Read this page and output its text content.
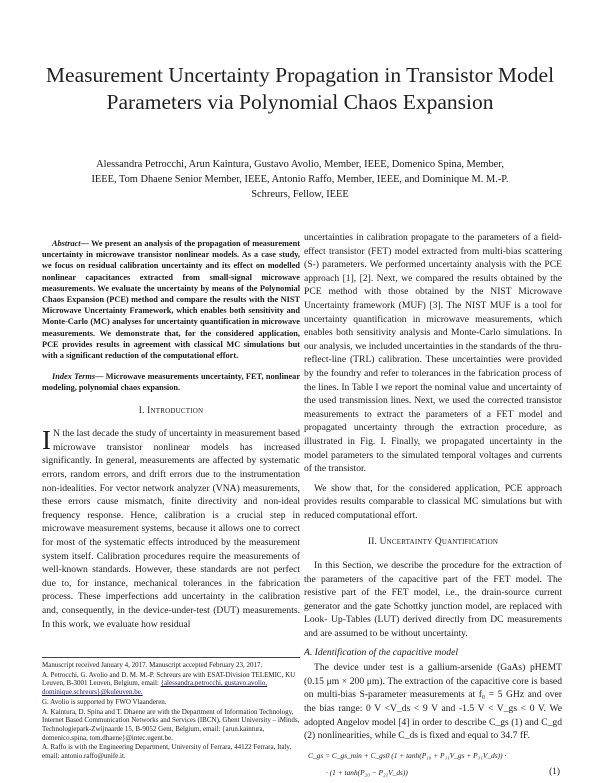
Measurement Uncertainty Propagation in Transistor Model Parameters via Polynomial Chaos Expansion
Alessandra Petrocchi, Arun Kaintura, Gustavo Avolio, Member, IEEE, Domenico Spina, Member,
IEEE, Tom Dhaene Senior Member, IEEE, Antonio Raffo, Member, IEEE, and Dominique M. M.-P.
Schreurs, Fellow, IEEE

Abstract— We present an analysis of the propagation of measurement uncertainty in microwave transistor nonlinear models. As a case study, we focus on residual calibration uncertainty and its effect on modelled nonlinear capacitances extracted from small-signal microwave measurements. We evaluate the uncertainty by means of the Polynomial Chaos Expansion (PCE) method and compare the results with the NIST Microwave Uncertainty Framework, which enables both sensitivity and Monte-Carlo (MC) analyses for uncertainty quantification in microwave measurements. We demonstrate that, for the considered application, PCE provides results in agreement with classical MC simulations but with a significant reduction of the computational effort.

Index Terms— Microwave measurements uncertainty, FET, nonlinear modeling, polynomial chaos expansion.

I. Introduction

I N the last decade the study of uncertainty in measurement based microwave transistor nonlinear models has increased significantly. In general, measurements are affected by systematic errors, random errors, and drift errors due to the instrumentation non-idealities. For vector network analyzer (VNA) measurements, these errors cause mismatch, finite directivity and non-ideal frequency response. Hence, calibration is a crucial step in microwave measurement systems, because it allows one to correct for most of the systematic effects introduced by the measurement system itself. Calibration procedures require the measurements of well-known standards. However, these standards are not perfect due to, for instance, mechanical tolerances in the fabrication process. These imperfections add uncertainty in the calibration and, consequently, in the device-under-test (DUT) measurements. In this work, we evaluate how residual

Manuscript received January 4, 2017. Manuscript accepted February 23, 2017.

A. Petrocchi, G. Avolio and D. M. M.-P. Schreurs are with ESAT-Division TELEMIC, KU Leuven, B-3001 Leuven, Belgium, email: {alessandra.petrocchi, gustavo.avolio, dominique.schreurs}@kuleuven.be.

G. Avolio is supported by FWO Vlaanderen.

A. Kaintura, D. Spina and T. Dhaene are with the Department of Information Technology, Internet Based Communication Networks and Services (IBCN), Ghent University – iMinds, Technologiepark-Zwijnaarde 15, B-9052 Gent, Belgium, email: {arun.kaintura, domenico.spina, tom.dhaene}@intec.ugent.be.

A. Raffo is with the Engineering Department, University of Ferrara, 44122 Ferrara, Italy, email: antonio.raffo@unife.it.

uncertainties in calibration propagate to the parameters of a field-effect transistor (FET) model extracted from multi-bias scattering (S-) parameters. We performed uncertainty analysis with the PCE approach [1], [2]. Next, we compared the results obtained by the PCE method with those obtained by the NIST Microwave Uncertainty framework (MUF) [3]. The NIST MUF is a tool for uncertainty quantification in microwave measurements, which enables both sensitivity analysis and Monte-Carlo simulations. In our analysis, we included uncertainties in the standards of the thru-reflect-line (TRL) calibration. These uncertainties were provided by the foundry and refer to tolerances in the fabrication process of the lines. In Table I we report the nominal value and uncertainty of the used transmission lines. Next, we used the corrected transistor measurements to extract the parameters of a FET model and propagated uncertainty through the extraction procedure, as illustrated in Fig. I. Finally, we propagated uncertainty in the model parameters to the simulated temporal voltages and currents of the transistor.

We show that, for the considered application, PCE approach provides results comparable to classical MC simulations but with reduced computational effort.

II. Uncertainty Quantification

In this Section, we describe the procedure for the extraction of the parameters of the capacitive part of the FET model. The resistive part of the FET model, i.e., the drain-source current generator and the gate Schottky junction model, are replaced with Look- Up-Tables (LUT) derived directly from DC measurements and are assumed to be without uncertainty.

A. Identification of the capacitive model

The device under test is a gallium-arsenide (GaAs) pHEMT (0.15 μm × 200 μm). The extraction of the capacitive core is based on multi-bias S-parameter measurements at f₀ = 5 GHz and over the bias range: 0 V <V_ds < 9 V and -1.5 V < V_gs < 0 V. We adopted Angelov model [4] in order to describe C_gs (1) and C_gd (2) nonlinearities, while C_ds is fixed and equal to 34.7 fF.

C_gs = C_gs_min + C_gs0 (1 + tanh(P₁₀ + P₁₁V_gs + P₁₁V_ds)) ·
· (1 + tanh(P₂₀ − P₂₁V_ds))	(1)
